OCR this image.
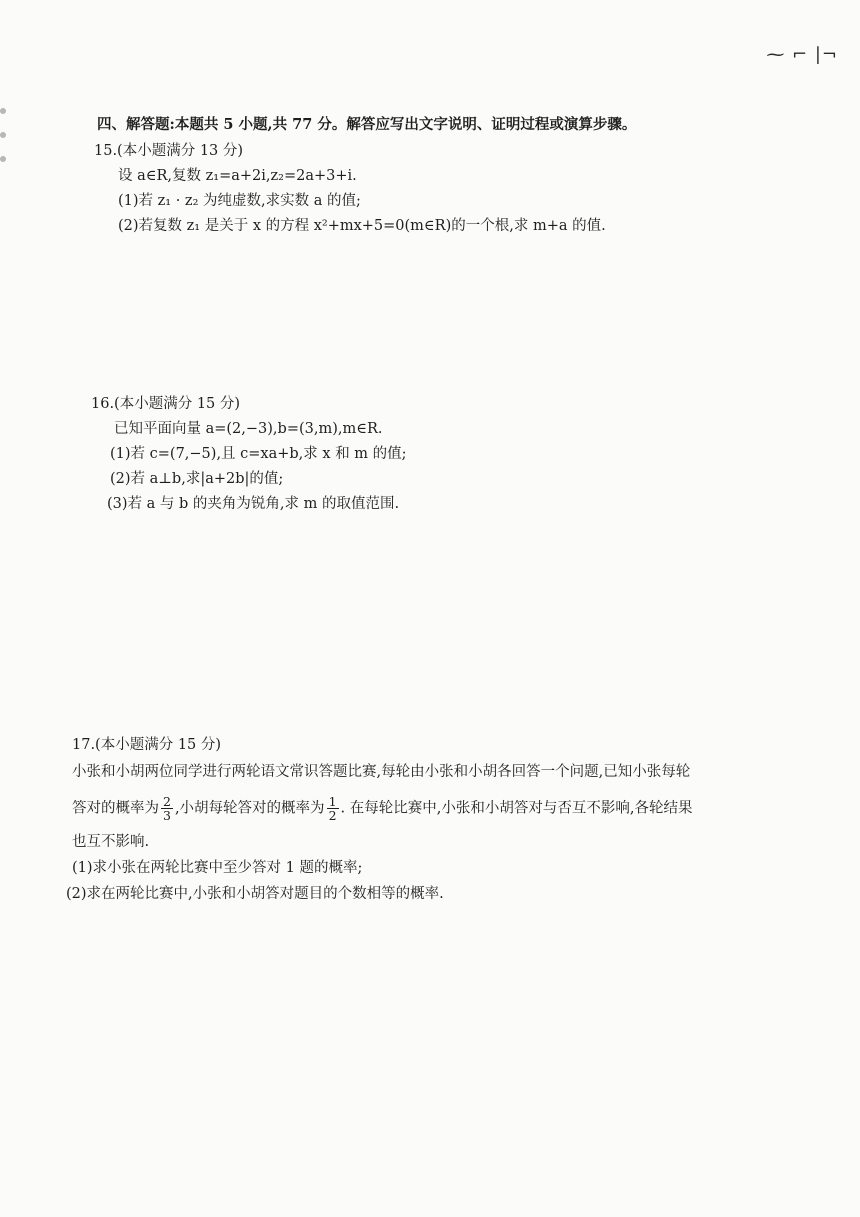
⁓ ⌐ |¬
四、解答题:本题共 5 小题,共 77 分。解答应写出文字说明、证明过程或演算步骤。
15.(本小题满分 13 分)
设 a∈R,复数 z₁=a+2i,z₂=2a+3+i.
(1)若 z₁ · z₂ 为纯虚数,求实数 a 的值;
(2)若复数 z₁ 是关于 x 的方程 x²+mx+5=0(m∈R)的一个根,求 m+a 的值.
16.(本小题满分 15 分)
已知平面向量 a=(2,−3),b=(3,m),m∈R.
(1)若 c=(7,−5),且 c=xa+b,求 x 和 m 的值;
(2)若 a⊥b,求|a+2b|的值;
(3)若 a 与 b 的夹角为锐角,求 m 的取值范围.
17.(本小题满分 15 分)
小张和小胡两位同学进行两轮语文常识答题比赛,每轮由小张和小胡各回答一个问题,已知小张每轮
答对的概率为 $\frac{2}{3}$ ,小胡每轮答对的概率为 $\frac{1}{2}$ . 在每轮比赛中,小张和小胡答对与否互不影响,各轮结果
也互不影响.
(1)求小张在两轮比赛中至少答对 1 题的概率;
(2)求在两轮比赛中,小张和小胡答对题目的个数相等的概率.
